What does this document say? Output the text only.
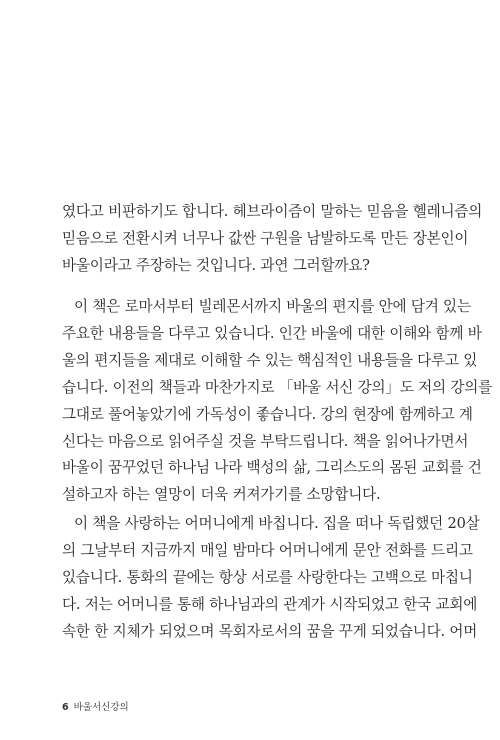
였다고 비판하기도 합니다. 헤브라이즘이 말하는 믿음을 헬레니즘의
믿음으로 전환시켜 너무나 값싼 구원을 남발하도록 만든 장본인이
바울이라고 주장하는 것입니다. 과연 그러할까요?
이 책은 로마서부터 빌레몬서까지 바울의 편지를 안에 담겨 있는
주요한 내용들을 다루고 있습니다. 인간 바울에 대한 이해와 함께 바
울의 편지들을 제대로 이해할 수 있는 핵심적인 내용들을 다루고 있
습니다. 이전의 책들과 마찬가지로 「바울 서신 강의」도 저의 강의를
그대로 풀어놓았기에 가독성이 좋습니다. 강의 현장에 함께하고 계
신다는 마음으로 읽어주실 것을 부탁드립니다. 책을 읽어나가면서
바울이 꿈꾸었던 하나님 나라 백성의 삶, 그리스도의 몸된 교회를 건
설하고자 하는 열망이 더욱 커져가기를 소망합니다.
이 책을 사랑하는 어머니에게 바칩니다. 집을 떠나 독립했던 20살
의 그날부터 지금까지 매일 밤마다 어머니에게 문안 전화를 드리고
있습니다. 통화의 끝에는 항상 서로를 사랑한다는 고백으로 마칩니
다. 저는 어머니를 통해 하나님과의 관계가 시작되었고 한국 교회에
속한 한 지체가 되었으며 목회자로서의 꿈을 꾸게 되었습니다. 어머
6 바울서신강의
